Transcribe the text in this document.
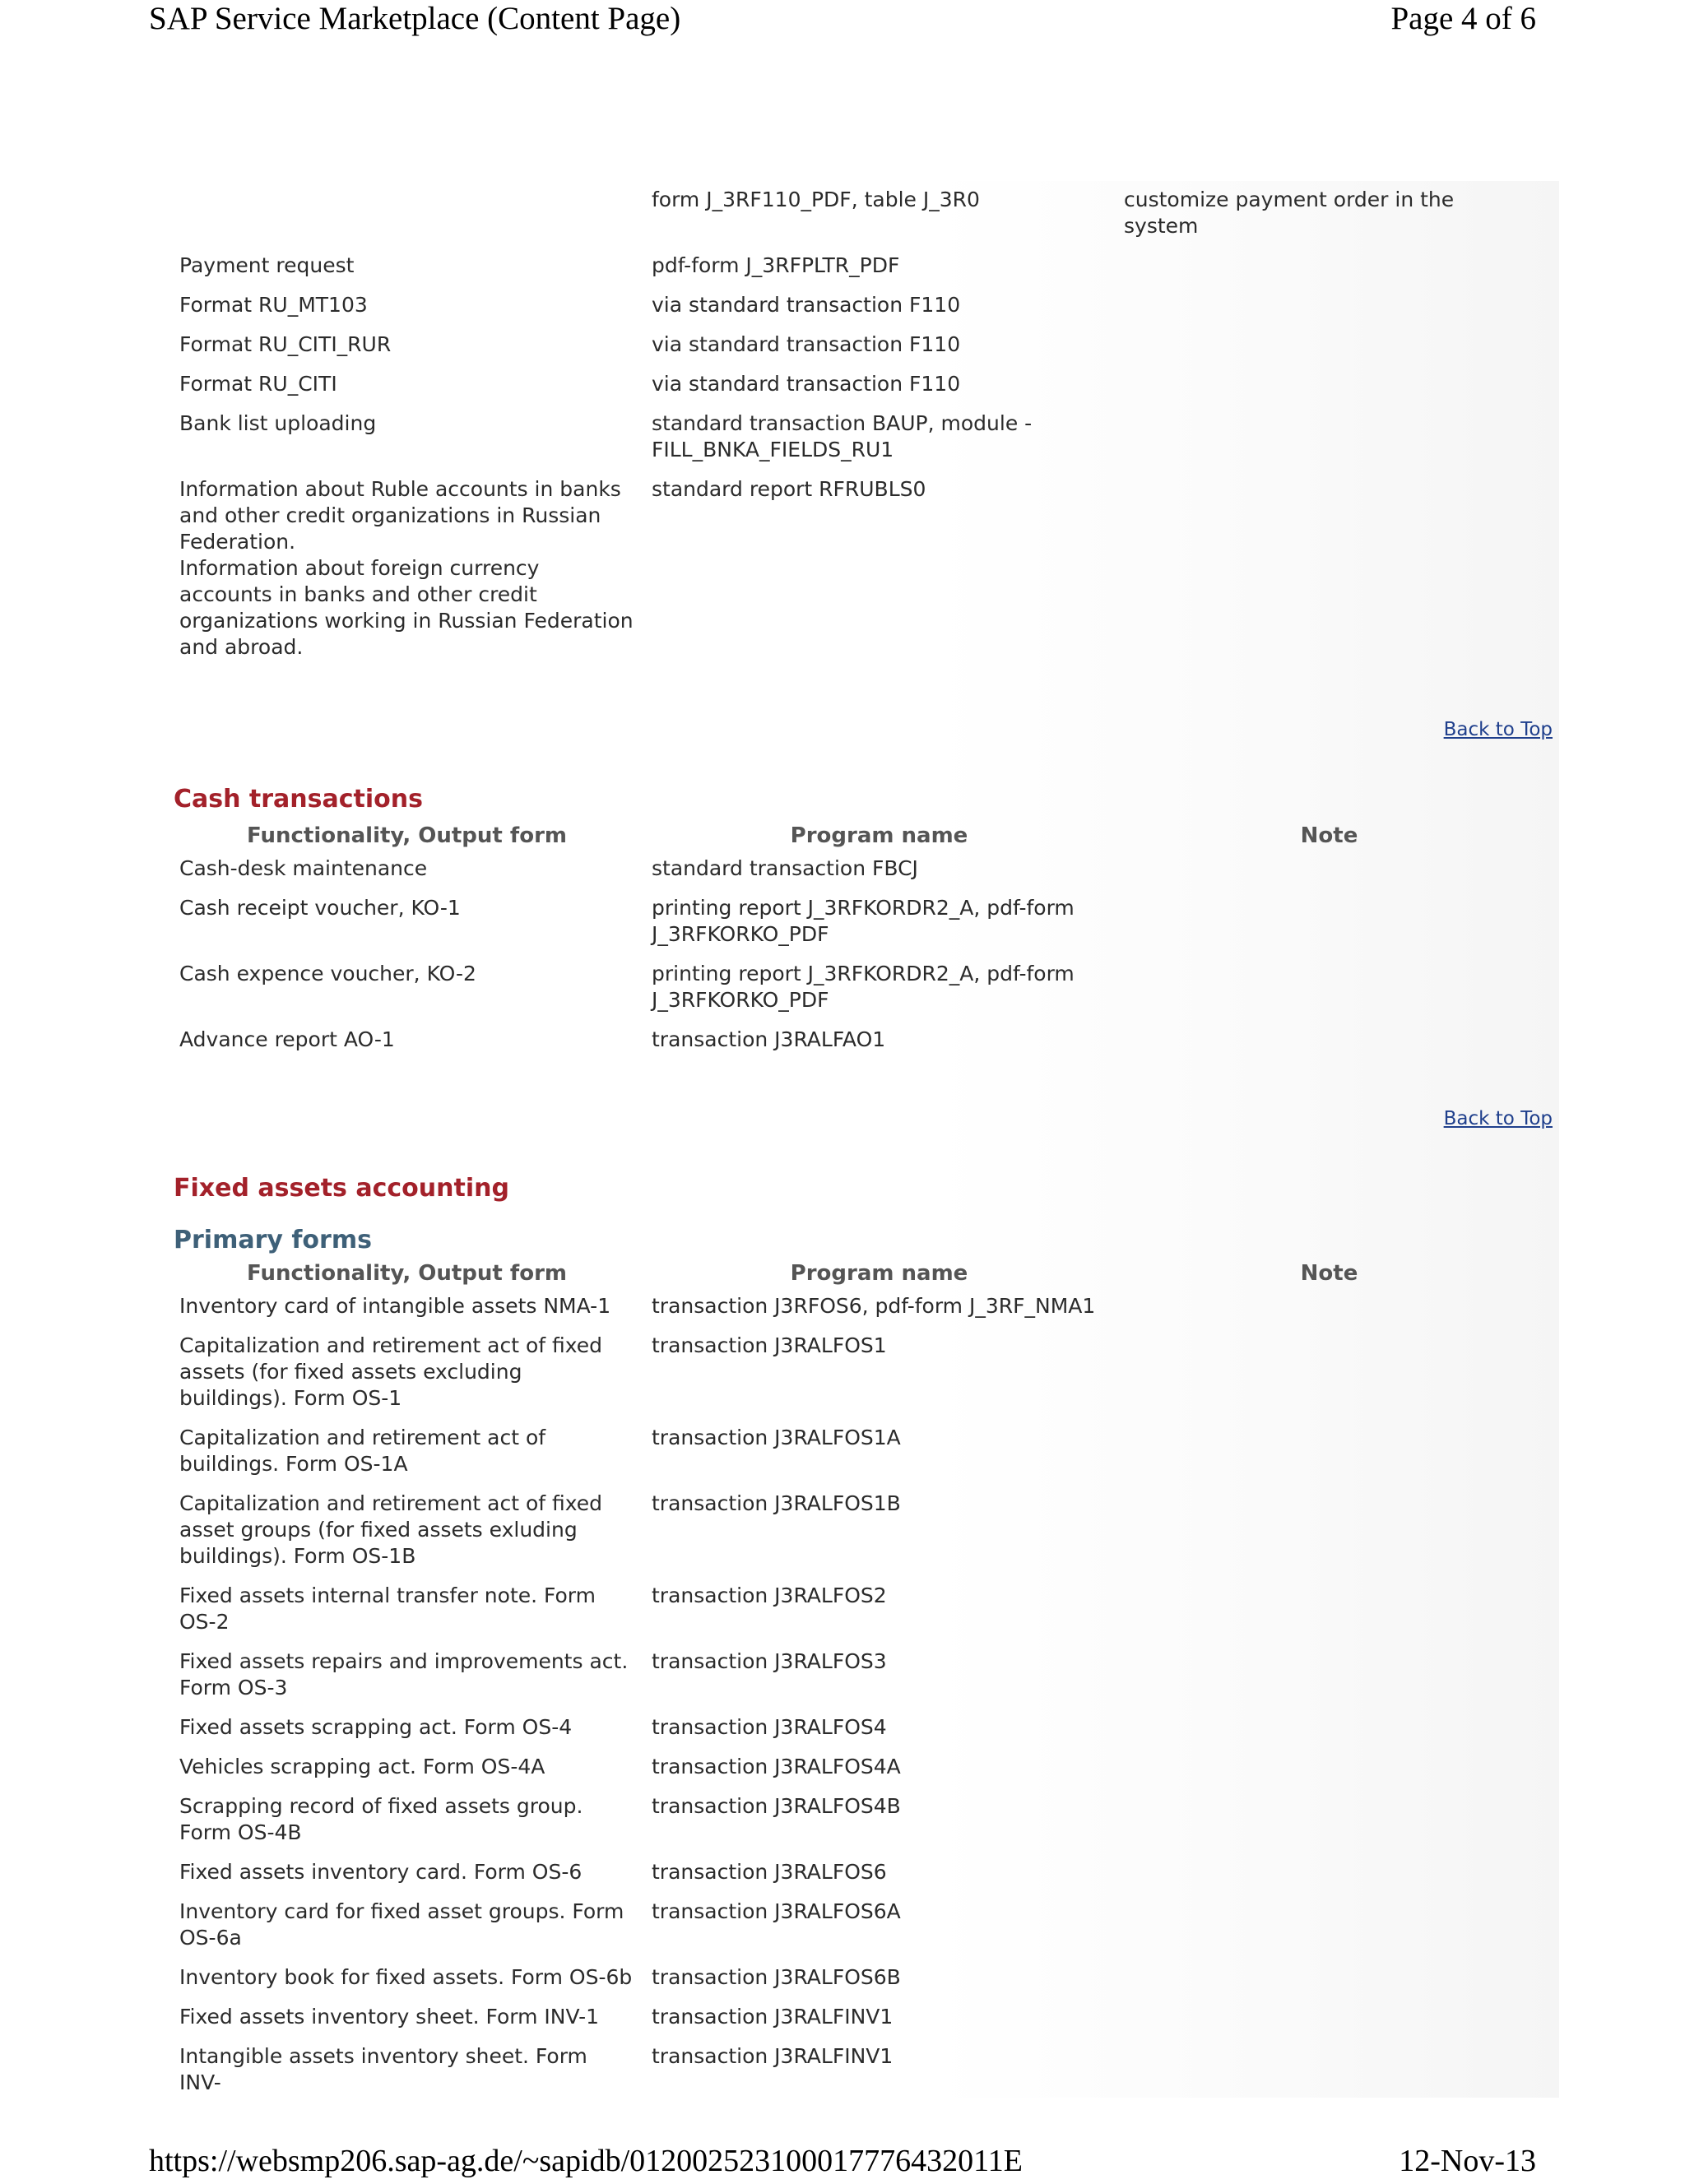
SAP Service Marketplace (Content Page)	Page 4 of 6
	form J_3RF110_PDF, table J_3R0	customize payment order in the system
Payment request	pdf-form J_3RFPLTR_PDF	
Format RU_MT103	via standard transaction F110	
Format RU_CITI_RUR	via standard transaction F110	
Format RU_CITI	via standard transaction F110	
Bank list uploading	standard transaction BAUP, module - FILL_BNKA_FIELDS_RU1	
Information about Ruble accounts in banks and other credit organizations in Russian Federation.
Information about foreign currency accounts in banks and other credit organizations working in Russian Federation and abroad.	standard report RFRUBLS0	
Back to Top
Cash transactions
Functionality, Output form	Program name	Note
Cash-desk maintenance	standard transaction FBCJ	
Cash receipt voucher, KO-1	printing report J_3RFKORDR2_A, pdf-form J_3RFKORKO_PDF	
Cash expence voucher, KO-2	printing report J_3RFKORDR2_A, pdf-form J_3RFKORKO_PDF	
Advance report AO-1	transaction J3RALFAO1	
Back to Top
Fixed assets accounting
Primary forms
Functionality, Output form	Program name	Note
Inventory card of intangible assets NMA-1	transaction J3RFOS6, pdf-form J_3RF_NMA1	
Capitalization and retirement act of fixed assets (for fixed assets excluding buildings). Form OS-1	transaction J3RALFOS1	
Capitalization and retirement act of buildings. Form OS-1A	transaction J3RALFOS1A	
Capitalization and retirement act of fixed asset groups (for fixed assets exluding buildings). Form OS-1B	transaction J3RALFOS1B	
Fixed assets internal transfer note. Form OS-2	transaction J3RALFOS2	
Fixed assets repairs and improvements act. Form OS-3	transaction J3RALFOS3	
Fixed assets scrapping act. Form OS-4	transaction J3RALFOS4	
Vehicles scrapping act. Form OS-4A	transaction J3RALFOS4A	
Scrapping record of fixed assets group. Form OS-4B	transaction J3RALFOS4B	
Fixed assets inventory card. Form OS-6	transaction J3RALFOS6	
Inventory card for fixed asset groups. Form OS-6a	transaction J3RALFOS6A	
Inventory book for fixed assets. Form OS-6b	transaction J3RALFOS6B	
Fixed assets inventory sheet. Form INV-1	transaction J3RALFINV1	
Intangible assets inventory sheet. Form INV-	transaction J3RALFINV1	
https://websmp206.sap-ag.de/~sapidb/012002523100017776432011E	12-Nov-13
